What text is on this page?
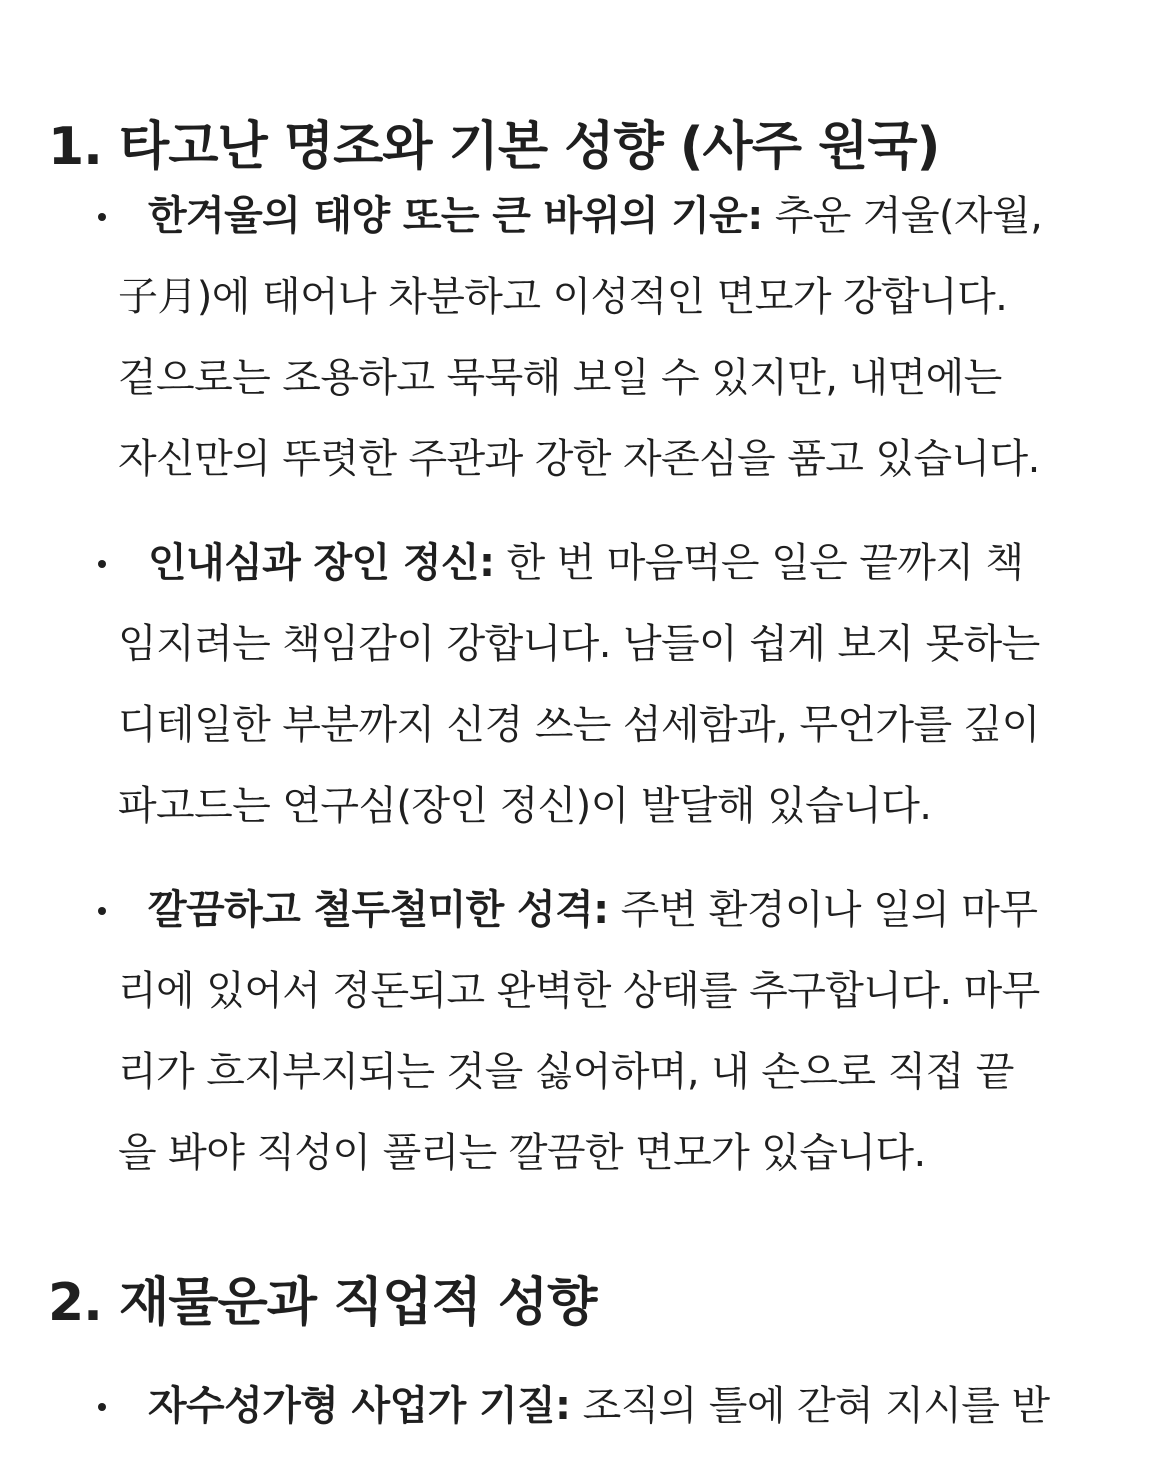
1. 타고난 명조와 기본 성향 (사주 원국)
한겨울의 태양 또는 큰 바위의 기운: 추운 겨울(자월,
子月)에 태어나 차분하고 이성적인 면모가 강합니다.
겉으로는 조용하고 묵묵해 보일 수 있지만, 내면에는
자신만의 뚜렷한 주관과 강한 자존심을 품고 있습니다.
인내심과 장인 정신: 한 번 마음먹은 일은 끝까지 책
임지려는 책임감이 강합니다. 남들이 쉽게 보지 못하는
디테일한 부분까지 신경 쓰는 섬세함과, 무언가를 깊이
파고드는 연구심(장인 정신)이 발달해 있습니다.
깔끔하고 철두철미한 성격: 주변 환경이나 일의 마무
리에 있어서 정돈되고 완벽한 상태를 추구합니다. 마무
리가 흐지부지되는 것을 싫어하며, 내 손으로 직접 끝
을 봐야 직성이 풀리는 깔끔한 면모가 있습니다.
2. 재물운과 직업적 성향
자수성가형 사업가 기질: 조직의 틀에 갇혀 지시를 받
